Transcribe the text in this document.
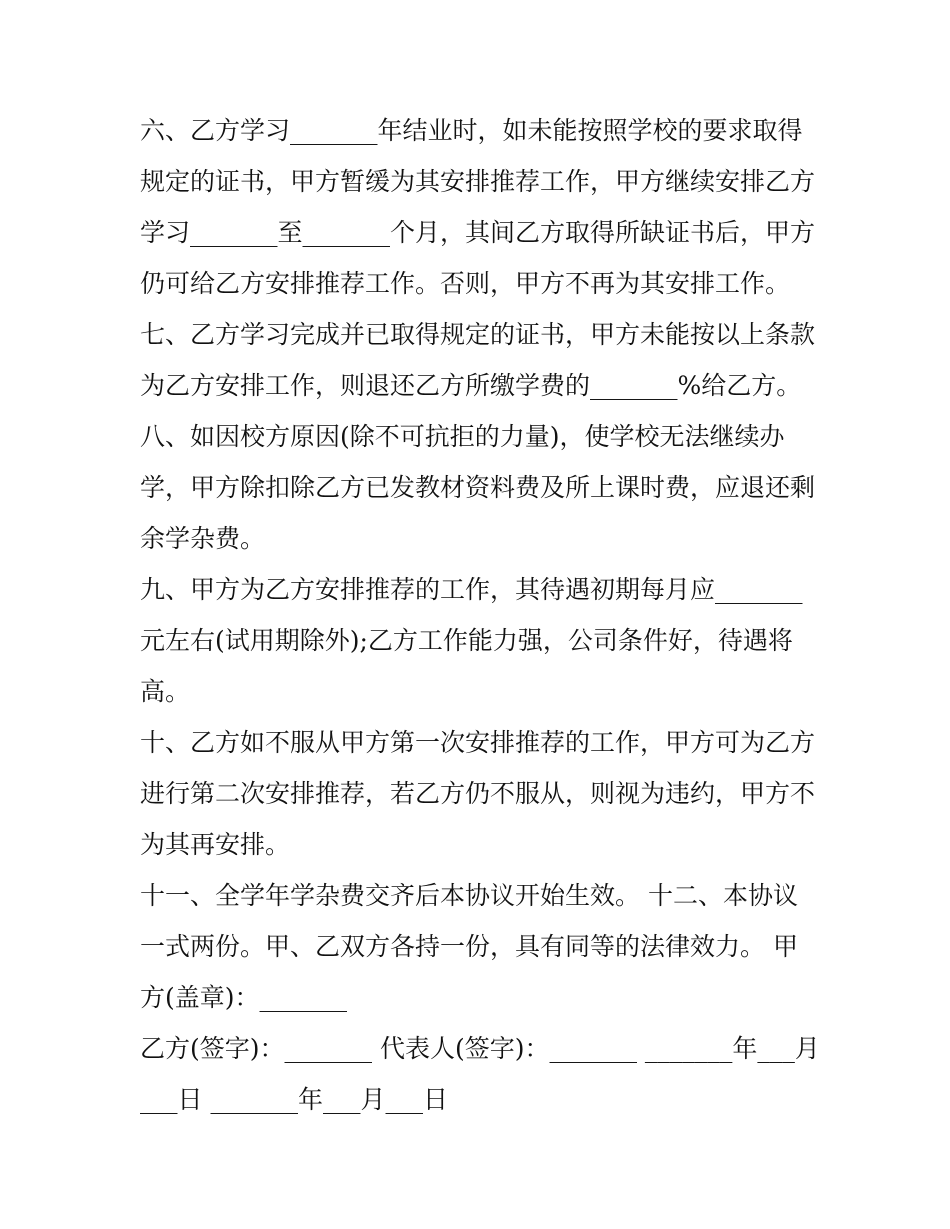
六、乙方学习_______年结业时，如未能按照学校的要求取得
规定的证书，甲方暂缓为其安排推荐工作，甲方继续安排乙方
学习_______至_______个月，其间乙方取得所缺证书后，甲方
仍可给乙方安排推荐工作。否则，甲方不再为其安排工作。
七、乙方学习完成并已取得规定的证书，甲方未能按以上条款
为乙方安排工作，则退还乙方所缴学费的_______%给乙方。
八、如因校方原因(除不可抗拒的力量)，使学校无法继续办
学，甲方除扣除乙方已发教材资料费及所上课时费，应退还剩
余学杂费。
九、甲方为乙方安排推荐的工作，其待遇初期每月应_______
元左右(试用期除外);乙方工作能力强，公司条件好，待遇将
高。
十、乙方如不服从甲方第一次安排推荐的工作，甲方可为乙方
进行第二次安排推荐，若乙方仍不服从，则视为违约，甲方不
为其再安排。
十一、全学年学杂费交齐后本协议开始生效。 十二、本协议
一式两份。甲、乙双方各持一份，具有同等的法律效力。 甲
方(盖章)：_______
乙方(签字)：_______ 代表人(签字)：_______ _______年___月
___日 _______年___月___日
